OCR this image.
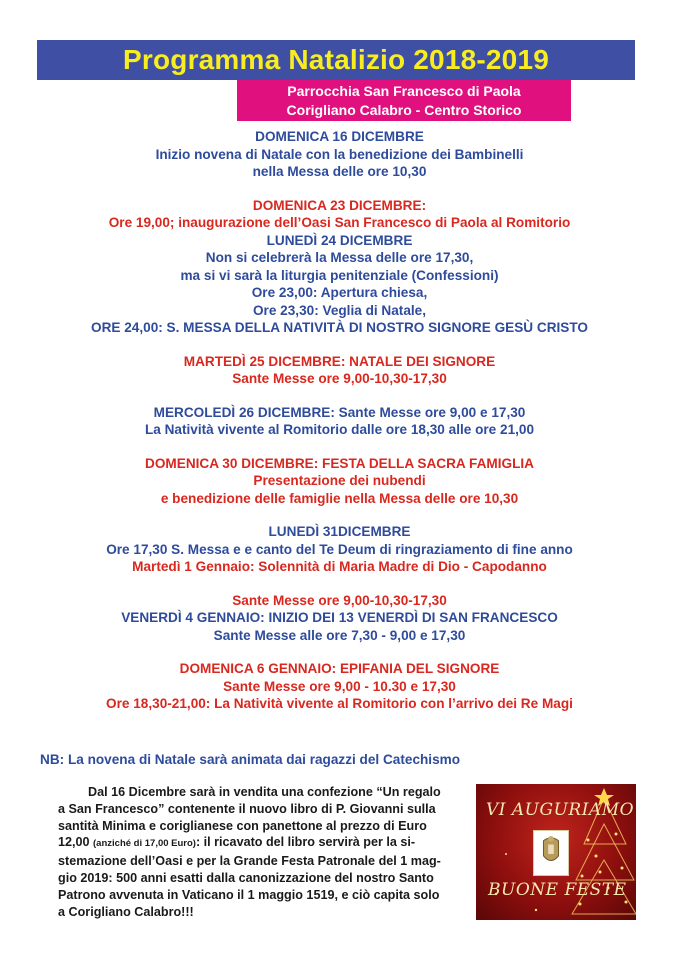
Programma Natalizio 2018-2019
Parrocchia San Francesco di Paola
Corigliano Calabro - Centro Storico
DOMENICA 16 DICEMBRE
Inizio novena di Natale con la benedizione dei Bambinelli
nella Messa delle ore 10,30
DOMENICA 23 DICEMBRE:
Ore 19,00; inaugurazione dell’Oasi San Francesco di Paola al Romitorio
LUNEDÌ 24 DICEMBRE
Non si celebrerà la Messa delle ore 17,30,
ma si vi sarà la liturgia penitenziale (Confessioni)
Ore 23,00: Apertura chiesa,
Ore 23,30: Veglia di Natale,
ORE 24,00: S. MESSA DELLA NATIVITÀ DI NOSTRO SIGNORE GESÙ CRISTO
MARTEDÌ 25 DICEMBRE: NATALE DEI SIGNORE
Sante Messe ore 9,00-10,30-17,30
MERCOLEDÌ 26 DICEMBRE: Sante Messe ore 9,00 e 17,30
La Natività vivente al Romitorio dalle ore 18,30 alle ore 21,00
DOMENICA 30 DICEMBRE: FESTA DELLA SACRA FAMIGLIA
Presentazione dei nubendi
e benedizione delle famiglie nella Messa delle ore 10,30
LUNEDÌ 31DICEMBRE
Ore 17,30 S. Messa e e canto del Te Deum di ringraziamento di fine anno
Martedì 1 Gennaio: Solennità di Maria Madre di Dio - Capodanno
Sante Messe ore 9,00-10,30-17,30
VENERDÌ 4 GENNAIO: INIZIO DEI 13 VENERDÌ DI SAN FRANCESCO
Sante Messe alle ore 7,30 - 9,00 e 17,30
DOMENICA 6 GENNAIO: EPIFANIA DEL SIGNORE
Sante Messe ore 9,00 - 10.30 e 17,30
Ore 18,30-21,00: La Natività vivente al Romitorio con l’arrivo dei Re Magi
NB: La novena di Natale sarà animata dai ragazzi del Catechismo
Dal 16 Dicembre sarà in vendita una confezione “Un regalo
a San Francesco” contenente il nuovo libro di P. Giovanni sulla
santità Minima e coriglianese con panettone al prezzo di Euro
12,00 (anziché di 17,00 Euro): il ricavato del libro servirà per la si-
stemazione dell’Oasi e per la Grande Festa Patronale del 1 mag-
gio 2019: 500 anni esatti dalla canonizzazione del nostro Santo
Patrono avvenuta in Vaticano il 1 maggio 1519, e ciò capita solo
a Corigliano Calabro!!!
VI AUGURIAMO
BUONE FESTE
